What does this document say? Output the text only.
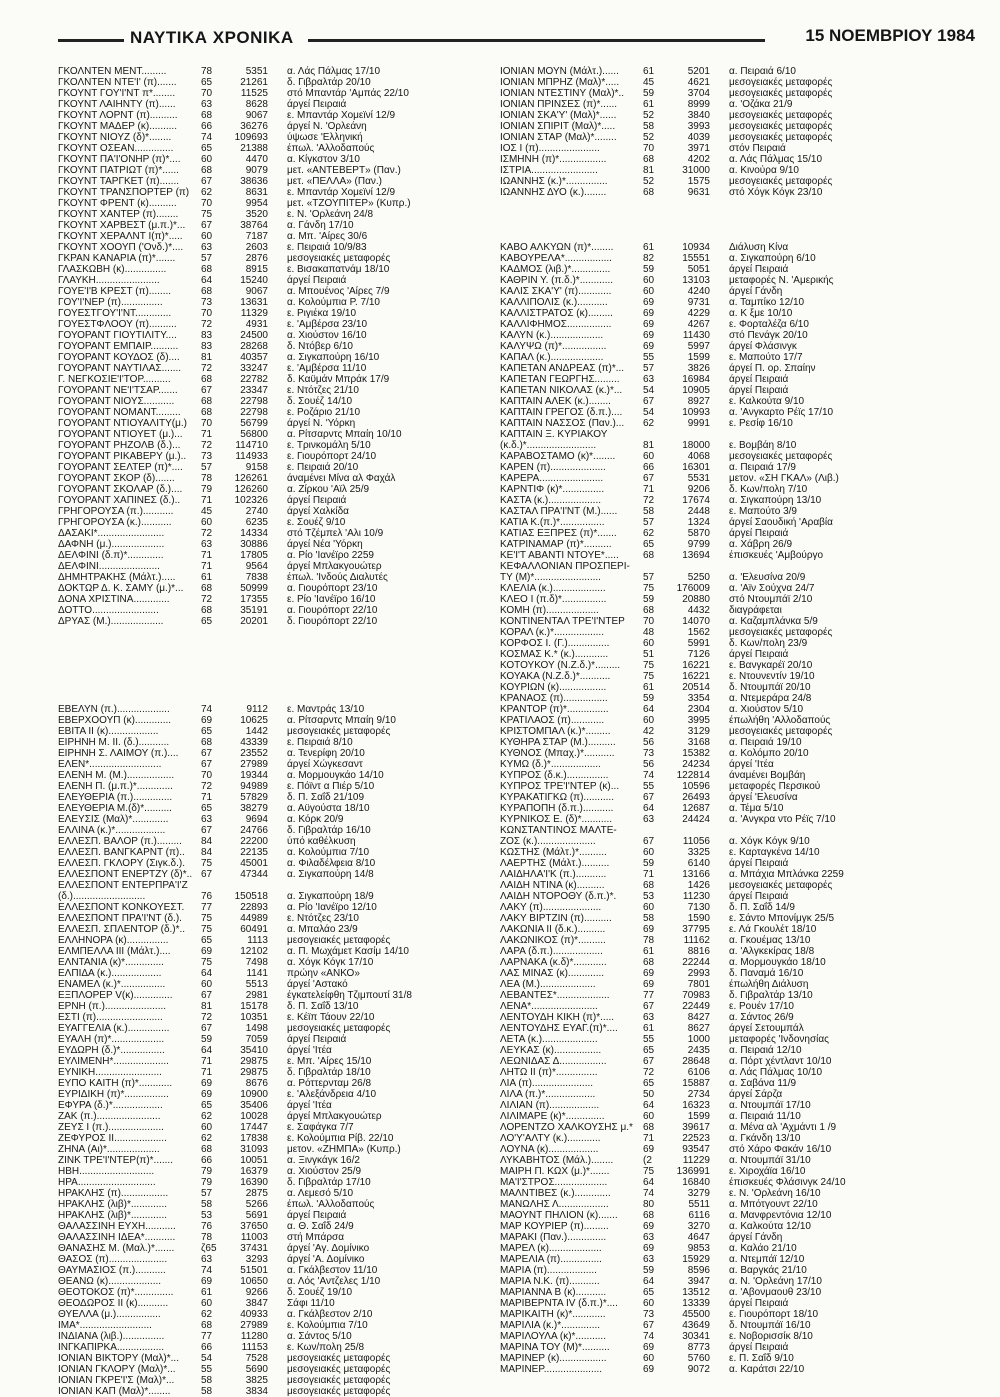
ΝΑΥΤΙΚΑ ΧΡΟΝΙΚΑ	15 ΝΟΕΜΒΡΙΟΥ 1984
ΓΚΟΛΝΤΕΝ ΜΕΝΤ.........	78	5351 α. Λάς Πάλμας 17/10
ΓΚΟΛΝΤΕΝ ΝΤΕ'Ι' (π).......	65	21261 δ. Γιβραλτάρ 20/10
ΓΚΟΥΝΤ ΓΟΥ'Ι'ΝΤ π*........	70	11525 στό Μπαντάρ 'Αμπάς 22/10
ΓΚΟΥΝΤ ΛΑΙΗΝΤΥ (π)......	63	8628 άργεί Πειραιά
ΓΚΟΥΝΤ ΛΟΡΝΤ (π)..........	68	9067 ε. Μπαντάρ Χομεϊνί 12/9
ΓΚΟΥΝΤ ΜΑΔΕΡ (κ)..........	66	36276 άργεί Ν. 'Ορλεάνη
ΓΚΟΥΝΤ ΝΙΟΥΖ (δ)*........	74	109693 ύψωσε 'Ελληνική
ΓΚΟΥΝΤ ΟΣΕΑΝ..............	65	21388 έπωλ. 'Αλλοδαπούς
ΓΚΟΥΝΤ ΠΑ'Ι'ΟΝΗΡ (π)*....	60	4470 α. Κίγκστον 3/10
ΓΚΟΥΝΤ ΠΑΤΡΙΩΤ (π)*......	68	9079 μετ. «ΑΝΤΕΒΕΡΤ» (Παν.)
ΓΚΟΥΝΤ ΤΑΡΓΚΕΤ (π).......	67	38636 μετ. «ΠΕΛΛΑ» (Παν.)
ΓΚΟΥΝΤ ΤΡΑΝΣΠΟΡΤΕΡ (π)	62	8631 ε. Μπαντάρ Χομεϊνί 12/9
ΓΚΟΥΝΤ ΦΡΕΝΤ (κ)..........	70	9954 μετ. «ΤΖΟΥΠΙΤΕΡ» (Κυπρ.)
ΓΚΟΥΝΤ ΧΑΝΤΕΡ (π)........	75	3520 ε. Ν. 'Ορλεάνη 24/8
ΓΚΟΥΝΤ ΧΑΡΒΕΣΤ (μ.π.)*...	67	38764 α. Γάνδη 17/10
ΓΚΟΥΝΤ ΧΕΡΑΛΝΤ Ι(π)*.....	60	7187 α. Μπ. 'Αίρες 30/6
ΓΚΟΥΝΤ ΧΟΟΥΠ ('Ονδ.)*....	63	2603 ε. Πειραιά 10/9/83
ΓΚΡΑΝ ΚΑΝΑΡΙΑ (π)*.......	57	2876 μεσογειακές μεταφορές
ΓΛΑΣΚΩΒΗ (κ)...............	68	8915 ε. Βισακαπατνάμ 18/10
ΓΛΑΥΚΗ.......................	64	15240 άργεί Πειραιά
ΓΟΥΕ'Ι'Β ΚΡΕΣΤ (π)........	68	9067 α. Μπουένος 'Αίρες 7/9
ΓΟΥ'Ι'ΝΕΡ (π)...............	73	13631 α. Κολούμπια Ρ. 7/10
ΓΟΥΕΣΤΓΟΥ'Ι'ΝΤ.............	70	11329 ε. Ριγιέκα 19/10
ΓΟΥΕΣΤΦΛΟΟΥ (π)..........	72	4931 ε. 'Αμβέρσα 23/10
ΓΟΥΟΡΑΝΤ ΓΙΟΥΤΙΛΙΤΥ....	83	24500 α. Χιούστον 16/10
ΓΟΥΟΡΑΝΤ ΕΜΠΑΙΡ..........	83	28268 δ. Ντόβερ 6/10
ΓΟΥΟΡΑΝΤ ΚΟΥΔΟΣ (δ)....	81	40357 α. Σιγκαπούρη 16/10
ΓΟΥΟΡΑΝΤ ΝΑΥΤΙΛΑΣ.......	72	33247 ε. 'Αμβέρσα 11/10
Γ. ΝΕΓΚΟΣΙΕ'Ι'ΤΟΡ..........	68	22782 δ. Καϋμάν Μπράκ 17/9
ΓΟΥΟΡΑΝΤ ΝΕ'Ι'ΤΣΑΡ.......	67	23347 ε. Ντότζες 21/10
ΓΟΥΟΡΑΝΤ ΝΙΟΥΣ...........	68	22798 δ. Σουέζ 14/10
ΓΟΥΟΡΑΝΤ ΝΟΜΑΝΤ.........	68	22798 ε. Ροζάριο 21/10
ΓΟΥΟΡΑΝΤ ΝΤΙΟΥΑΛΙΤΥ(μ.)	70	56799 άργεί Ν. 'Υόρκη
ΓΟΥΟΡΑΝΤ ΝΤΙΟΥΕΤ (μ.)...	71	56800 α. Ρίτσαρντς Μπαίη 10/10
ΓΟΥΟΡΑΝΤ ΡΗΖΟΛΒ (δ.)...	72	114710 ε. Τρινκομάλη 5/10
ΓΟΥΟΡΑΝΤ ΡΙΚΑΒΕΡΥ (μ.)..	73	114933 ε. Γιουρόπορτ 24/10
ΓΟΥΟΡΑΝΤ ΣΕΛΤΕΡ (π)*....	57	9158 ε. Πειραιά 20/10
ΓΟΥΟΡΑΝΤ ΣΚΟΡ (δ).......	78	126261 άναμένει Μίνα αλ Φαχάλ
ΓΟΥΟΡΑΝΤ ΣΚΟΛΑΡ (δ.)....	79	126260 α. Ζίρκου 'Αϊλ 25/9
ΓΟΥΟΡΑΝΤ ΧΑΠΙΝΕΣ (δ.)..	71	102326 άργεί Πειραιά
ΓΡΗΓΟΡΟΥΣΑ (π.)...........	45	2740 άργεί Χαλκίδα
ΓΡΗΓΟΡΟΥΣΑ (κ.)...........	60	6235 ε. Σουέζ 9/10
ΔΑΣΑΚΙ*........................	72	14334 στό Τζέμπελ 'Αλι 10/9
ΔΑΦΝΗ (μ.)...................	63	30886 άργεί Νέα 'Υόρκη
ΔΕΛΦΙΝΙ (δ.π)*.............	71	17805 α. Ρίο 'Ιανέϊρο 2259
ΔΕΛΦΙΝΙ......................	71	9564 άργεί Μπλακγουώτερ
ΔΗΜΗΤΡΑΚΗΣ (Μάλτ.).....	61	7838 έπωλ. 'Ινδούς Διαλυτές
ΔΟΚΤΩΡ Δ. Κ. ΣΑΜΥ (μ.)*...	68	50999 α. Γιουρόπορτ 23/10
ΔΟΝΑ ΧΡΙΣΤΙΝΑ.............	72	17355 ε. Ρίο 'Ιανέϊρο 16/10
ΔΟΤΤΟ........................	68	35191 α. Γιουρόπορτ 22/10
ΔΡΥΑΣ (Μ.)...................	65	20201 δ. Γιουρόπορτ 22/10
ΕΒΕΛΥΝ (π.)...................	74	9112 ε. Μαντράς 13/10
ΕΒΕΡΧΟΟΥΠ (κ).............	69	10625 α. Ρίτσαρντς Μπαίη 9/10
ΕΒΙΤΑ ΙΙ (κ)..................	65	1442 μεσογειακές μεταφορές
ΕΙΡΗΝΗ Μ. ΙΙ. (δ.)...........	68	43339 ε. Πειραιά 8/10
ΕΙΡΗΝΗ Σ. ΛΑΙΜΟΥ (π.)....	67	23552 α. Τενερίφη 20/10
ΕΛΕΝ*..........................	67	27989 άργεί Χώγκεσαντ
ΕΛΕΝΗ Μ. (Μ.).................	70	19344 α. Μορμουγκάο 14/10
ΕΛΕΝΗ Π. (μ.π.)*.............	72	94989 ε. Πόϊντ α Πιέρ 5/10
ΕΛΕΥΘΕΡΙΑ (π.)..............	71	57829 δ. Π. Σαΐδ 21/109
ΕΛΕΥΘΕΡΙΑ Μ.(δ)*..........	65	38279 α. Αϋγούστα 18/10
ΕΛΕΥΣΙΣ (Μαλ)*.............	63	9694 α. Κόρκ 20/9
ΕΛΛΙΝΑ (κ.)*..................	67	24766 δ. Γιβραλτάρ 16/10
ΕΛΛΕΣΠ. ΒΑΛΟΡ (π.).........	84	22200 ύπό καθέλκυση
ΕΛΛΕΣΠ. ΒΑΝΓΚΑΡΝΤ (π)..	84	22135 α. Κολούμπια 7/10
ΕΛΛΕΣΠ. ΓΚΛΟΡΥ (Σιγκ.δ.).	75	45001 α. Φιλαδέλφεια 8/10
ΕΛΛΕΣΠΟΝΤ ΕΝΕΡΤΖΥ (δ)*.. 67	47344 α. Σιγκαπούρη 14/8
ΕΛΛΕΣΠΟΝΤ ΕΝΤΕΡΠΡΑ'Ι'Ζ
(δ.)..........................	76	150518 α. Σιγκαπούρη 18/9
ΕΛΛΕΣΠΟΝΤ ΚΟΝΚΟΥΕΣΤ.	77	22893 α. Ρίο 'Ιανέϊρο 12/10
ΕΛΛΕΣΠΟΝΤ ΠΡΑ'Ι'ΝΤ (δ.).	75	44989 ε. Ντότζες 23/10
ΕΛΛΕΣΠ. ΣΠΛΕΝΤΟΡ (δ.)*..	75	60491 α. Μπαλάο 23/9
ΕΛΛΗΝΟΡΑ (κ)...............	65	1113 μεσογειακές μεταφορές
ΕΛΜΠΕΛΛΑ ΙΙΙ (Μάλτ.)....	69	12102 α. Π. Μωχάμετ Κασίμ 14/10
ΕΛΝΤΑΝΙΑ (κ)*..............	75	7498 α. Χόγκ Κόγκ 17/10
ΕΛΠΙΔΑ (κ.)..................	64	1141 πρώην «ΑΝΚΟ»
ΕΝΑΜΕΛ (κ.)*................	60	5513 άργεί 'Αστακό
ΕΞΠΛΟΡΕΡ V(κ)..............	67	2981 έγκατελείφθη Τζιμπουτί 31/8
ΕΡΝΗ (π.)......................	81	15178 δ. Π. Σαΐδ 13/10
ΕΣΤΙ (π)........................	72	10351 ε. Κέϊπ Τάουν 22/10
ΕΥΑΓΓΕΛΙΑ (κ.)...............	67	1498 μεσογειακές μεταφορές
ΕΥΑΛΗ (π)*...................	59	7059 άργεί Πειραιά
ΕΥΔΩΡΗ (δ.)*................	64	35410 άργεί 'Ιτέα
ΕΥΛΙΜΕΝΗ*....................	71	29875 ε. Μπ. 'Αίρες 15/10
ΕΥΝΙΚΗ........................	71	29875 δ. Γιβραλτάρ 18/10
ΕΥΠΟ ΚΑΙΤΗ (π)*............	69	8676 α. Ρόττερνταμ 26/8
ΕΥΡΙΔΙΚΗ (π)*................	69	10900 ε. 'Αλεξάνδρεια 4/10
ΕΦΥΡΑ (δ.)*..................	65	35406 άργεί 'Ιτέα
ΖΑΚ (π.).......................	62	10028 άργεί Μπλακγουώτερ
ΖΕΥΣ Ι (π.)....................	60	17447 ε. Σαφάγκα 7/7
ΖΕΦΥΡΟΣ ΙΙ...................	62	17838 ε. Κολούμπια Ρίβ. 22/10
ΖΗΝΑ (Αι)*...................	68	31093 μετον. «ΖΗΜΠΑ» (Κυπρ.)
ΖΙΝΚ ΤΡΕ'Ι'ΝΤΕΡ(π)*.......	66	10051 α. Ξινγκάγκ 16/2
ΗΒΗ...........................	79	16379 α. Χιούστον 25/9
ΗΡΑ............................	79	16390 δ. Γιβραλτάρ 17/10
ΗΡΑΚΛΗΣ (π).................	57	2875 α. Λεμεσό 5/10
ΗΡΑΚΛΗΣ (λιβ)*.............	58	5266 έπωλ. 'Αλλοδαπούς
ΗΡΑΚΛΗΣ (λιβ)*.............	53	5691 άργεί Πειραιά
ΘΑΛΑΣΣΙΝΗ ΕΥΧΗ...........	76	37650 α. Θ. Σαΐδ 24/9
ΘΑΛΑΣΣΙΝΗ ΙΔΕΑ*...........	78	11003 στή Μπάρσα
ΘΑΝΑΣΗΣ Μ. (Μαλ.)*.......	ζ65	37431 άργεί 'Αγ. Δομίνικο
ΘΑΣΟΣ (π).....................	63	3293 άργεί 'Α. Δομίνικο
ΘΑΥΜΑΣΙΟΣ (π.)...........	74	51501 α. Γκάλβεστον 11/10
ΘΕΑΝΩ (κ)...................	69	10650 α. Λός 'Αντζελες 1/10
ΘΕΟΤΟΚΟΣ (π)*..............	61	9266 δ. Σουέζ 19/10
ΘΕΟΔΩΡΟΣ ΙΙ (κ)...........	60	3847 Σάφι 11/10
ΘΥΕΛΛΑ (μ.)................	62	40933 α. Γκάλβεστον 2/10
ΙΜΑ*..........................	68	27989 ε. Κολούμπια 7/10
ΙΝΔΙΑΝΑ (λιβ.)...............	77	11280 α. Σάντος 5/10
ΙΝΓΚΑΠΙΡΚΑ.................	66	11153 ε. Κων/πολη 25/8
ΙΟΝΙΑΝ ΒΙΚΤΟΡΥ (Μαλ)*...	54	7528 μεσογειακές μεταφορές
ΙΟΝΙΑΝ ΓΚΛΟΡΥ (Μαλ)*...	55	5690 μεσογειακές μεταφορές
ΙΟΝΙΑΝ ΓΚΡΕ'Ι'Σ (Μαλ)*...	58	3825 μεσογειακές μεταφορές
ΙΟΝΙΑΝ ΚΑΠ (Μαλ)*........	58	3834 μεσογειακές μεταφορές
ΙΟΝΙΑΝ ΜΟΥΝ (Μάλτ.)......	61	5201 α. Πειραιά 6/10
ΙΟΝΙΑΝ ΜΠΡΗΖ (Μαλ)*.....	45	4621 μεσογειακές μεταφορές
ΙΟΝΙΑΝ ΝΤΕΣΤΙΝΥ (Μαλ)*..	59	3704 μεσογειακές μεταφορές
ΙΟΝΙΑΝ ΠΡΙΝΣΕΣ (π)*......	61	8999 α. 'Οζάκα 21/9
ΙΟΝΙΑΝ ΣΚΑ'Υ' (Μαλ)*......	52	3840 μεσογειακές μεταφορές
ΙΟΝΙΑΝ ΣΠΙΡΙΤ (Μαλ)*.....	58	3993 μεσογειακές μεταφορές
ΙΟΝΙΑΝ ΣΤΑΡ (Μαλ)*........	52	4039 μεσογειακές μεταφορές
ΙΟΣ Ι (π)......................	70	3971 στόν Πειραιά
ΙΣΜΗΝΗ (π)*.................	68	4202 α. Λάς Πάλμας 15/10
ΙΣΤΡΙΑ........................	81	31000 α. Κινούρα 9/10
ΙΩΑΝΝΗΣ (κ.)*...............	52	1575 μεσογειακές μεταφορές
ΙΩΑΝΝΗΣ ΔΥΟ (κ.)........	68	9631 στό Χόγκ Κόγκ 23/10
ΚΑΒΟ ΑΛΚΥΩΝ (π)*........	61	10934 Διάλυση Κίνα
ΚΑΒΟΥΡΕΛΑ*.................	82	15551 α. Σιγκαπούρη 6/10
ΚΑΔΜΟΣ (λιβ.)*..............	59	5051 άργεί Πειραιά
ΚΑΘΡΙΝ Υ. (π.δ.)*............	60	13103 μεταφορές Ν. 'Αμερικής
ΚΑΛΙΣ ΣΚΑ'Υ' (π)............	60	4240 άργεί Γάνδη
ΚΑΛΛΙΠΟΛΙΣ (κ.)...........	69	9731 α. Ταμπίκο 12/10
ΚΑΛΛΙΣΤΡΑΤΟΣ (κ).........	69	4229 α. Κ ξμε 10/10
ΚΑΛΛΙΦΗΜΟΣ................	69	4267 ε. Φορταλέζα 6/10
ΚΑΛΥΝ (κ.)...................	69	11430 στό Πενάγκ 20/10
ΚΑΛΥΨΩ (π)*................	69	5997 άργεί Φλάσινγκ
ΚΑΠΑΛ (κ.)...................	55	1599 ε. Μαπούτο 17/7
ΚΑΠΕΤΑΝ ΑΝΔΡΕΑΣ (π)*...	57	3826 άργεί Π. ορ. Σπαίην
ΚΑΠΕΤΑΝ ΓΕΩΡΓΗΣ.........	63	16984 άργεί Πειραιά
ΚΑΠΕΤΑΝ ΝΙΚΟΛΑΣ (κ.)*...	54	10905 άργεί Πειραιά
ΚΑΠΤΑΙΝ ΑΛΕΚ (κ.)........	67	8927 ε. Καλκούτα 9/10
ΚΑΠΤΑΙΝ ΓΡΕΓΟΣ (δ.π.)....	54	10993 α. 'Ανγκαρτο Ρέϊς 17/10
ΚΑΠΤΑΙΝ ΝΑΣΣΟΣ (Παν.)...	62	9991 ε. Ρεσίφ 16/10
ΚΑΠΤΑΙΝ Ξ. ΚΥΡΙΑΚΟΥ
(κ.δ.)*.........................	81	18000 ε. Βομβάη 8/10
ΚΑΡΑΒΟΣΤΑΜΟ (κ)*........	60	4068 μεσογειακές μεταφορές
ΚΑΡΕΝ (π)....................	66	16301 α. Πειραιά 17/9
ΚΑΡΕΡΑ.......................	67	5531 μετον. «ΣΗ ΓΚΑΛ» (Λιβ.)
ΚΑΡΝΤΙΦ (κ)*...............	71	9206 δ. Κων/πολη 7/10
ΚΑΣΤΑ (κ.)...................	72	17674 α. Σιγκαπούρη 13/10
ΚΑΣΤΑΛ ΠΡΑ'Ι'ΝΤ (Μ.)......	58	2448 ε. Μαπούτο 3/9
ΚΑΤΙΑ Κ.(π.)*................	57	1324 άργεί Σαουδική 'Αραβία
ΚΑΤΙΑΣ ΕΞΠΡΕΣ (π)*.......	62	5870 άργεί Πειραιά
ΚΑΤΡΙΝΑΜΑΡ (π)*..........	65	9799 α. Χάβρη 26/9
ΚΕ'Ι'Τ ΑΒΑΝΤΙ ΝΤΟΥΕ*.....	68	13694 έπισκευές 'Αμβούργο
ΚΕΦΑΛΛΟΝΙΑΝ ΠΡΟΣΠΕΡΙ-
ΤΥ (Μ)*........................	57	5250 α. 'Ελευσίνα 20/9
ΚΛΕΛΙΑ (κ.)...................	75	176009 α. 'Αϊν Σούχνα 24/7
ΚΛΕΟ Ι (π.δ)*................	59	20880 στό Ντουμπάϊ 2/10
ΚΟΜΗ (π)...................	68	4432 διαγράφεται
ΚΟΝΤΙΝΕΝΤΑΛ ΤΡΕ'Ι'ΝΤΕΡ	70	14070 α. Καζαμπλάνκα 5/9
ΚΟΡΑΛ (κ.)*..................	48	1562 μεσογειακές μεταφορές
ΚΟΡΦΟΣ Ι. (Γ.)...............	60	5991 δ. Κων/πολη 23/9
ΚΟΣΜΑΣ Κ.* (κ.)............	51	7126 άργεί Πειραιά
ΚΟΤΟΥΚΟΥ (Ν.Ζ.δ.)*.........	75	16221 ε. Βανγκαρέϊ 20/10
ΚΟΥΑΚΑ (Ν.Ζ.δ.)*...........	75	16221 ε. Ντουνεντίν 19/10
ΚΟΥΡΙΩΝ (κ).................	61	20514 δ. Ντουμπάϊ 20/10
ΚΡΑΝΑΟΣ (π)................	59	3354 α. Ντεμεράρα 24/8
ΚΡΑΝΤΟΡ (π)*...............	64	2304 α. Χιούστον 5/10
ΚΡΑΤΙΛΑΟΣ (π)............	60	3995 έπωλήθη 'Αλλοδαπούς
ΚΡΙΣΤΟΜΠΑΛ (κ.)*.........	42	3129 μεσογειακές μεταφορές
ΚΥΘΗΡΑ ΣΤΑΡ (Μ.)..........	56	3168 α. Πειραιά 19/10
ΚΥΘΝΟΣ (Μπαχ.)*...........	73	15382 α. Κολόμπο 20/10
ΚΥΜΩ (δ.)*..................	56	24234 άργεί 'Ιτέα
ΚΥΠΡΟΣ (δ.κ.)...............	74	122814 άναμένει Βομβάη
ΚΥΠΡΟΣ ΤΡΕ'Ι'ΝΤΕΡ (κ)...	55	10596 μεταφορές Περσικού
ΚΥΡΑΚΑΤΙΓΚΩ (π)...........	67	26493 άργεί 'Ελευσίνα
ΚΥΡΑΠΟΠΗ (δ.π.)...........	64	12687 α. Τέμα 5/10
ΚΥΡΝΙΚΟΣ Ε. (δ)*...........	63	24424 α. 'Ανγκρα ντο Ρέϊς 7/10
ΚΩΝΣΤΑΝΤΙΝΟΣ ΜΑΛΤΕ-
ΖΟΣ (κ.).....................	67	11056 α. Χόγκ Κόγκ 9/10
ΚΩΣΤΗΣ (Μάλτ.)*..........	60	3325 ε. Καρταγκένα 14/10
ΛΑΕΡΤΗΣ (Μάλτ.)..........	59	6140 άργεί Πειραιά
ΛΑΙΔΗΛΑ'Ι'Κ (π.)...........	71	13166 α. Μπάχια Μπλάνκα 2259
ΛΑΙΔΗ ΝΤΙΝΑ (κ)..........	68	1426 μεσογειακές μεταφορές
ΛΑΙΔΗ ΝΤΟΡΟΘΥ (δ.π.)*.	53	11230 άργεί Πειραιά
ΛΑΚΥ (π).....................	60	7130 δ. Π. Σαΐδ 14/9
ΛΑΚΥ ΒΙΡΤΖΙΝ (π)..........	58	1590 ε. Σάντο Μπονίμγκ 25/5
ΛΑΚΩΝΙΑ ΙΙ (δ.κ.)..........	69	37795 ε. Λά Γκουλέτ 18/10
ΛΑΚΩΝΙΚΟΣ (π)*..........	78	11162 α. Γκουέμας 13/10
ΛΑΡΑ (δ.π.)..................	61	8816 α. 'Αλγκεκίρας 18/8
ΛΑΡΝΑΚΑ (κ.δ)*............	68	22244 α. Μορμουγκάο 18/10
ΛΑΣ ΜΙΝΑΣ (κ).............	69	2993 δ. Παναμά 16/10
ΛΕΑ (Μ.)....................	69	7801 έπωλήθη Διάλυση
ΛΕΒΑΝΤΕΣ*...................	77	70983 δ. Γιβραλτάρ 13/10
ΛΕΝΑ*........................	67	22449 ε. Ρουέν 17/10
ΛΕΝΤΟΥΔΗ ΚΙΚΗ (π)*.....	63	8427 α. Σάντος 26/9
ΛΕΝΤΟΥΔΗΣ ΕΥΑΓ.(π)*....	61	8627 άργεί Σετουμπάλ
ΛΕΤΑ (κ.)....................	55	1000 μεταφορές 'Ινδονησίας
ΛΕΥΚΑΣ (κ).................	65	2435 α. Πειραιά 12/10
ΛΕΩΝΙΔΑΣ Δ.................	67	28648 α. Πόρτ χέντλαντ 10/10
ΛΗΤΩ ΙΙ (π)*...............	72	6106 α. Λάς Πάλμας 10/10
ΛΙΑ (π)......................	65	15887 α. Σαβάνα 11/9
ΛΙΛΑ (π.)*..................	50	2734 άργεί Σάρζα
ΛΙΛΙΑΝ (π)..................	64	16323 α. Ντουμπάϊ 17/10
ΛΙΛΙΜΑΡΕ (κ)*..............	60	1599 α. Πειραιά 11/10
ΛΟΡΕΝΤΖΟ ΧΑΛΚΟΥΣΗΣ μ.*	68	39617 α. Μένα αλ 'Αχμάντι 1 /9
ΛΟ'Υ'ΑΛΤΥ (κ.)............	71	22523 α. Γκάνδη 13/10
ΛΟΥΝΑ (κ)..................	69	93547 στό Χάρο Φακάν 16/10
ΛΥΚΑΒΗΤΟΣ (Μάλ.)........	(2	11229 α. Ντουμπάϊ 31/10
ΜΑΙΡΗ Π. ΚΩΧ (μ.)*.......	75	136991 ε. Χιροχάϊα 16/10
ΜΑ'Ι'ΣΤΡΟΣ...................	64	16840 έπισκευές Φλάσινγκ 24/10
ΜΑΛΝΤΙΒΕΣ (κ.).............	74	3279 ε. Ν. 'Ορλεάνη 16/10
ΜΑΝΩΛΗΣ Λ..................	80	5511 α. Μπότγουντ 22/10
ΜΑΟΥΝΤ ΠΗΛΙΟΝ (κ).......	68	6116 α. Μανφρεντόνια 12/10
ΜΑΡ ΚΟΥΡΙΕΡ (π).........	69	3270 α. Καλκούτα 12/10
ΜΑΡΑΚΙ (Παν.)..............	63	4647 άργεί Γάνδη
ΜΑΡΕΛ (κ)...................	69	9853 α. Καλάο 21/10
ΜΑΡΕΛΙΑ (π)...............	63	15929 α. Ντεμπάϊ 12/10
ΜΑΡΙΑ (π)..................	59	8596 α. Βαργκάς 21/10
ΜΑΡΙΑ Ν.Κ. (π)...........	64	3947 α. Ν. 'Ορλεάνη 17/10
ΜΑΡΙΑΝΝΑ Β (κ)...........	65	13512 α. 'Αβονμαουθ 23/10
ΜΑΡΙΒΕΡΝΤΑ IV (δ.π.)*....	60	13339 άργεί Πειραιά
ΜΑΡΙΚΑΙΤΗ (κ)*............	73	45500 ε. Γιουρόπορτ 18/10
ΜΑΡΙΛΙΑ (κ.)*..............	67	43649 δ. Ντουμπάϊ 16/10
ΜΑΡΙΛΟΥΛΑ (κ)*...........	74	30341 ε. Νοβορισσίκ 8/10
ΜΑΡΙΝΑ ΤΟΥ (Μ)*..........	69	8773 άργεί Πειραιά
ΜΑΡΙΝΕΡ (κ).................	60	5760 ε. Π. Σαΐδ 9/10
ΜΑΡΙΝΕΡ.....................	69	9072 α. Καράτσι 22/10
